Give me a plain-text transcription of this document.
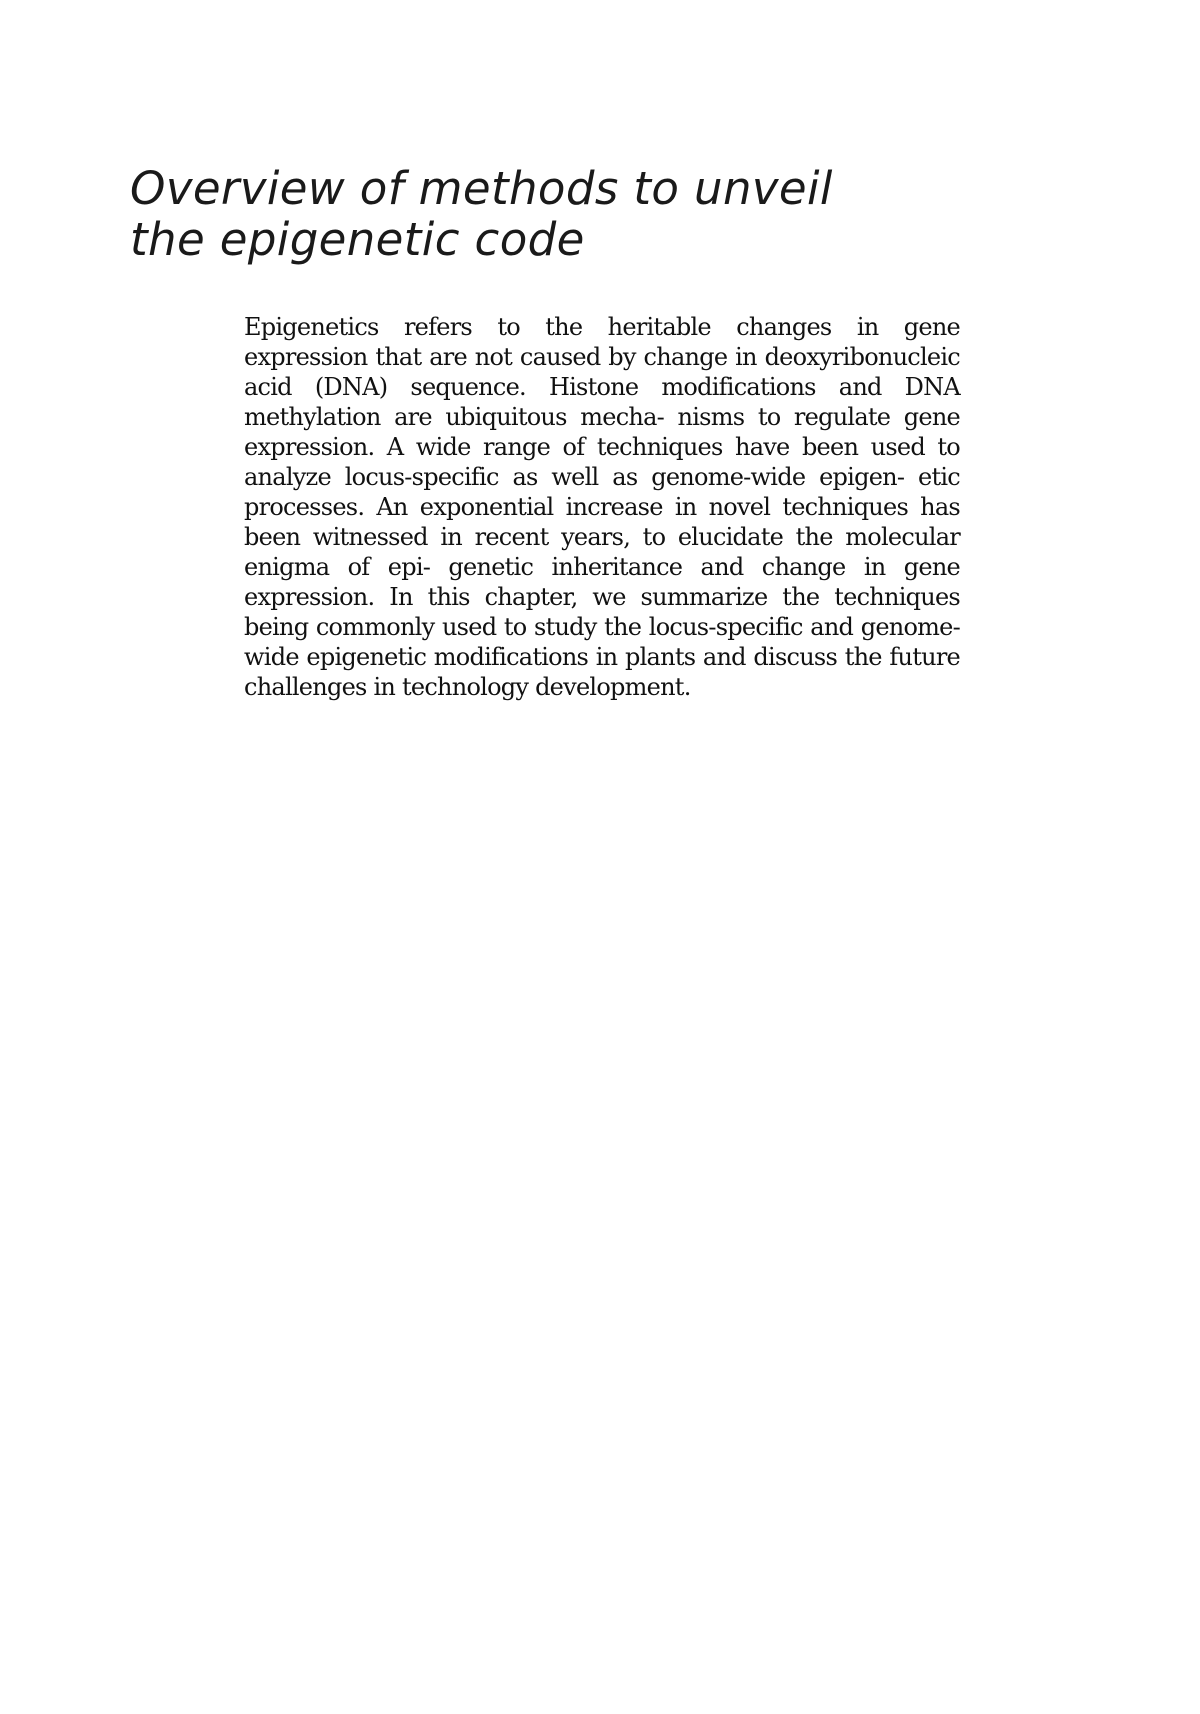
Overview of methods to unveil
the epigenetic code

Epigenetics refers to the heritable changes in gene expression that are not caused by change in deoxyribonucleic acid (DNA) sequence. Histone modifications and DNA methylation are ubiquitous mecha- nisms to regulate gene expression. A wide range of techniques have been used to analyze locus-specific as well as genome-wide epigen- etic processes. An exponential increase in novel techniques has been witnessed in recent years, to elucidate the molecular enigma of epi- genetic inheritance and change in gene expression. In this chapter, we summarize the techniques being commonly used to study the locus-specific and genome-wide epigenetic modifications in plants and discuss the future challenges in technology development.
